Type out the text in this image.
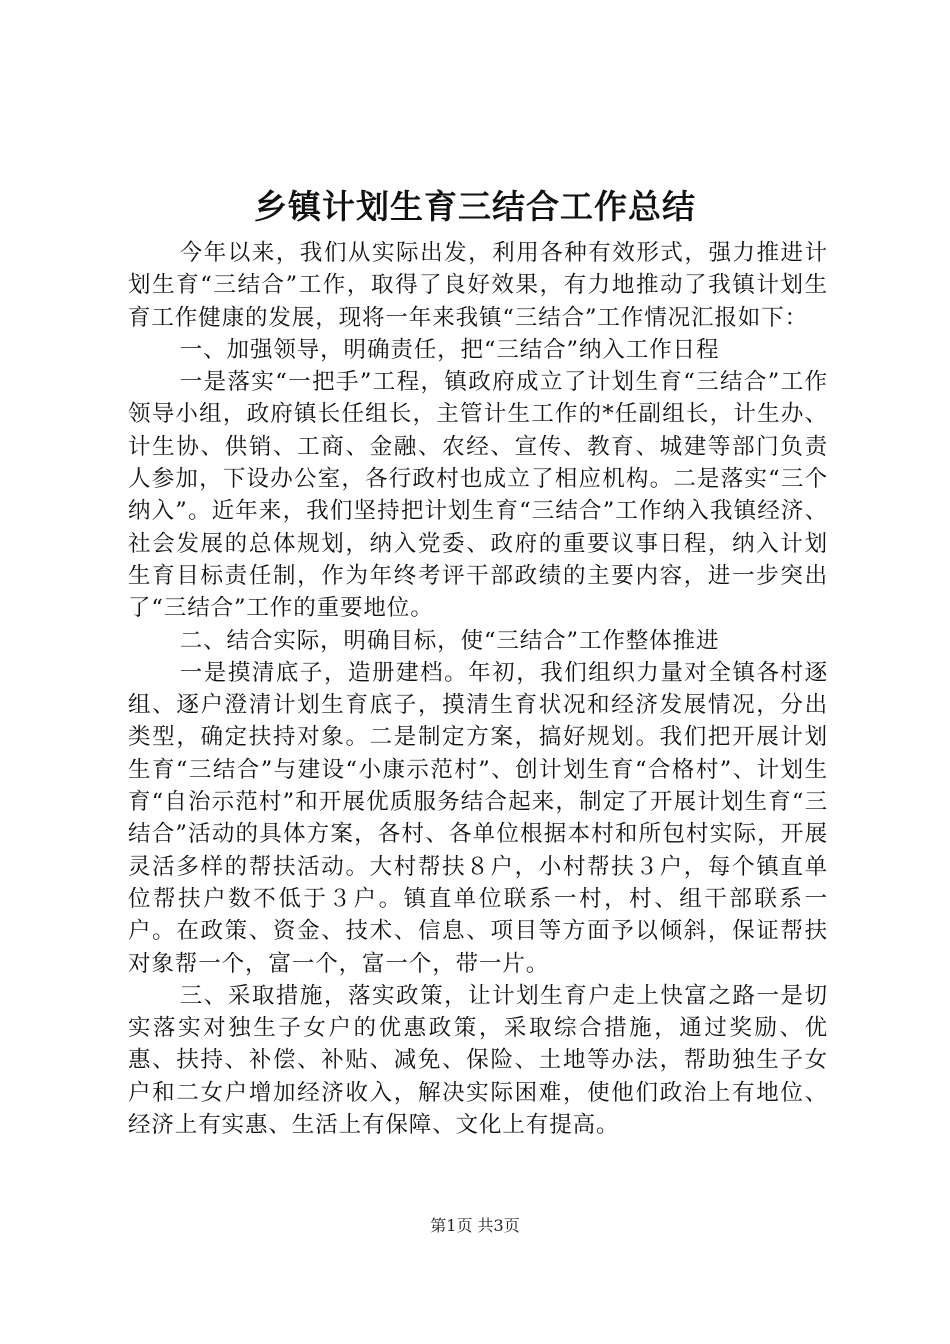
乡镇计划生育三结合工作总结

今年以来，我们从实际出发，利用各种有效形式，强力推进计划生育“三结合”工作，取得了良好效果，有力地推动了我镇计划生育工作健康的发展，现将一年来我镇“三结合”工作情况汇报如下：

一、加强领导，明确责任，把“三结合”纳入工作日程

一是落实“一把手”工程，镇政府成立了计划生育“三结合”工作领导小组，政府镇长任组长，主管计生工作的*任副组长，计生办、计生协、供销、工商、金融、农经、宣传、教育、城建等部门负责人参加，下设办公室，各行政村也成立了相应机构。二是落实“三个纳入”。近年来，我们坚持把计划生育“三结合”工作纳入我镇经济、社会发展的总体规划，纳入党委、政府的重要议事日程，纳入计划生育目标责任制，作为年终考评干部政绩的主要内容，进一步突出了“三结合”工作的重要地位。

二、结合实际，明确目标，使“三结合”工作整体推进

一是摸清底子，造册建档。年初，我们组织力量对全镇各村逐组、逐户澄清计划生育底子，摸清生育状况和经济发展情况，分出类型，确定扶持对象。二是制定方案，搞好规划。我们把开展计划生育“三结合”与建设“小康示范村”、创计划生育“合格村”、计划生育“自治示范村”和开展优质服务结合起来，制定了开展计划生育“三结合”活动的具体方案，各村、各单位根据本村和所包村实际，开展灵活多样的帮扶活动。大村帮扶８户，小村帮扶３户，每个镇直单位帮扶户数不低于３户。镇直单位联系一村，村、组干部联系一户。在政策、资金、技术、信息、项目等方面予以倾斜，保证帮扶对象帮一个，富一个，富一个，带一片。

三、采取措施，落实政策，让计划生育户走上快富之路一是切实落实对独生子女户的优惠政策，采取综合措施，通过奖励、优惠、扶持、补偿、补贴、减免、保险、土地等办法，帮助独生子女户和二女户增加经济收入，解决实际困难，使他们政治上有地位、经济上有实惠、生活上有保障、文化上有提高。

第1页 共3页
